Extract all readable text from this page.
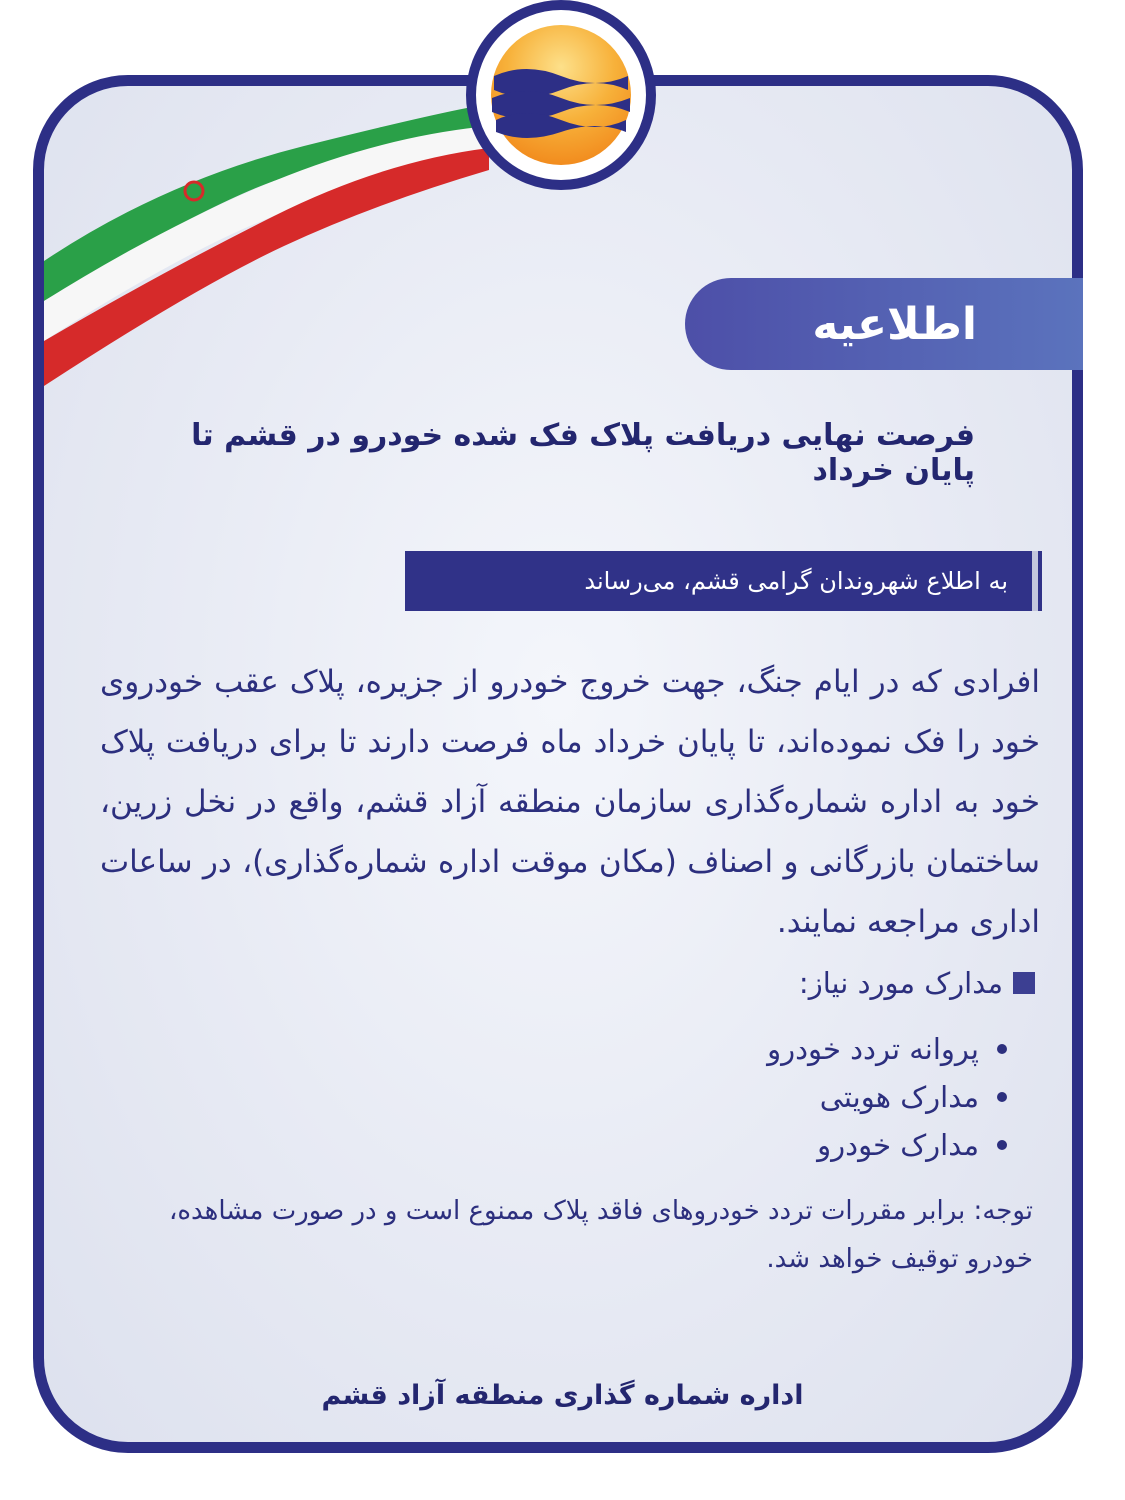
اطلاعیه
فرصت نهایی دریافت پلاک فک شده خودرو در قشم تا پایان خرداد
به اطلاع شهروندان گرامی قشم، می‌رساند
افرادی که در ایام جنگ، جهت خروج خودرو از جزیره، پلاک عقب خودروی خود را فک نموده‌اند، تا پایان خرداد ماه فرصت دارند تا برای دریافت پلاک خود به اداره شماره‌گذاری سازمان منطقه آزاد قشم، واقع در نخل زرین، ساختمان بازرگانی و اصناف (مکان موقت اداره شماره‌گذاری)، در ساعات اداری مراجعه نمایند.
مدارک مورد نیاز:
پروانه تردد خودرو
مدارک هویتی
مدارک خودرو
توجه: برابر مقررات تردد خودروهای فاقد پلاک ممنوع است و در صورت مشاهده، خودرو توقیف خواهد شد.
اداره شماره گذاری منطقه آزاد قشم
